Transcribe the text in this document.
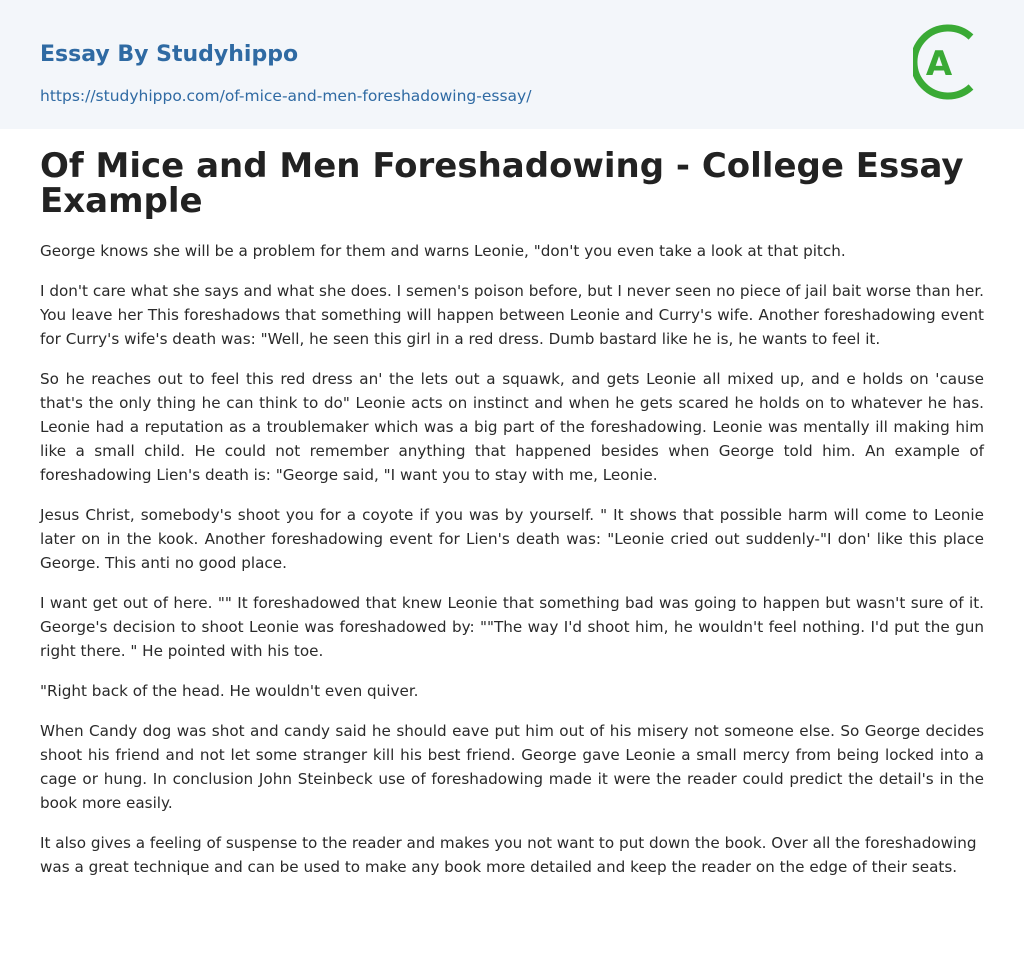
Essay By Studyhippo
https://studyhippo.com/of-mice-and-men-foreshadowing-essay/
A
Of Mice and Men Foreshadowing - College Essay Example

George knows she will be a problem for them and warns Leonie, "don't you even take a look at that pitch.

I don't care what she says and what she does. I semen's poison before, but I never seen no piece of jail bait worse than her. You leave her This foreshadows that something will happen between Leonie and Curry's wife. Another foreshadowing event for Curry's wife's death was: "Well, he seen this girl in a red dress. Dumb bastard like he is, he wants to feel it.

So he reaches out to feel this red dress an' the lets out a squawk, and gets Leonie all mixed up, and e holds on 'cause that's the only thing he can think to do" Leonie acts on instinct and when he gets scared he holds on to whatever he has. Leonie had a reputation as a troublemaker which was a big part of the foreshadowing. Leonie was mentally ill making him like a small child. He could not remember anything that happened besides when George told him. An example of foreshadowing Lien's death is: "George said, "I want you to stay with me, Leonie.

Jesus Christ, somebody's shoot you for a coyote if you was by yourself. " It shows that possible harm will come to Leonie later on in the kook. Another foreshadowing event for Lien's death was: "Leonie cried out suddenly-"I don' like this place George. This anti no good place.

I want get out of here. "" It foreshadowed that knew Leonie that something bad was going to happen but wasn't sure of it. George's decision to shoot Leonie was foreshadowed by: ""The way I'd shoot him, he wouldn't feel nothing. I'd put the gun right there. " He pointed with his toe.

"Right back of the head. He wouldn't even quiver.

When Candy dog was shot and candy said he should eave put him out of his misery not someone else. So George decides shoot his friend and not let some stranger kill his best friend. George gave Leonie a small mercy from being locked into a cage or hung. In conclusion John Steinbeck use of foreshadowing made it were the reader could predict the detail's in the book more easily.

It also gives a feeling of suspense to the reader and makes you not want to put down the book. Over all the foreshadowing was a great technique and can be used to make any book more detailed and keep the reader on the edge of their seats.
